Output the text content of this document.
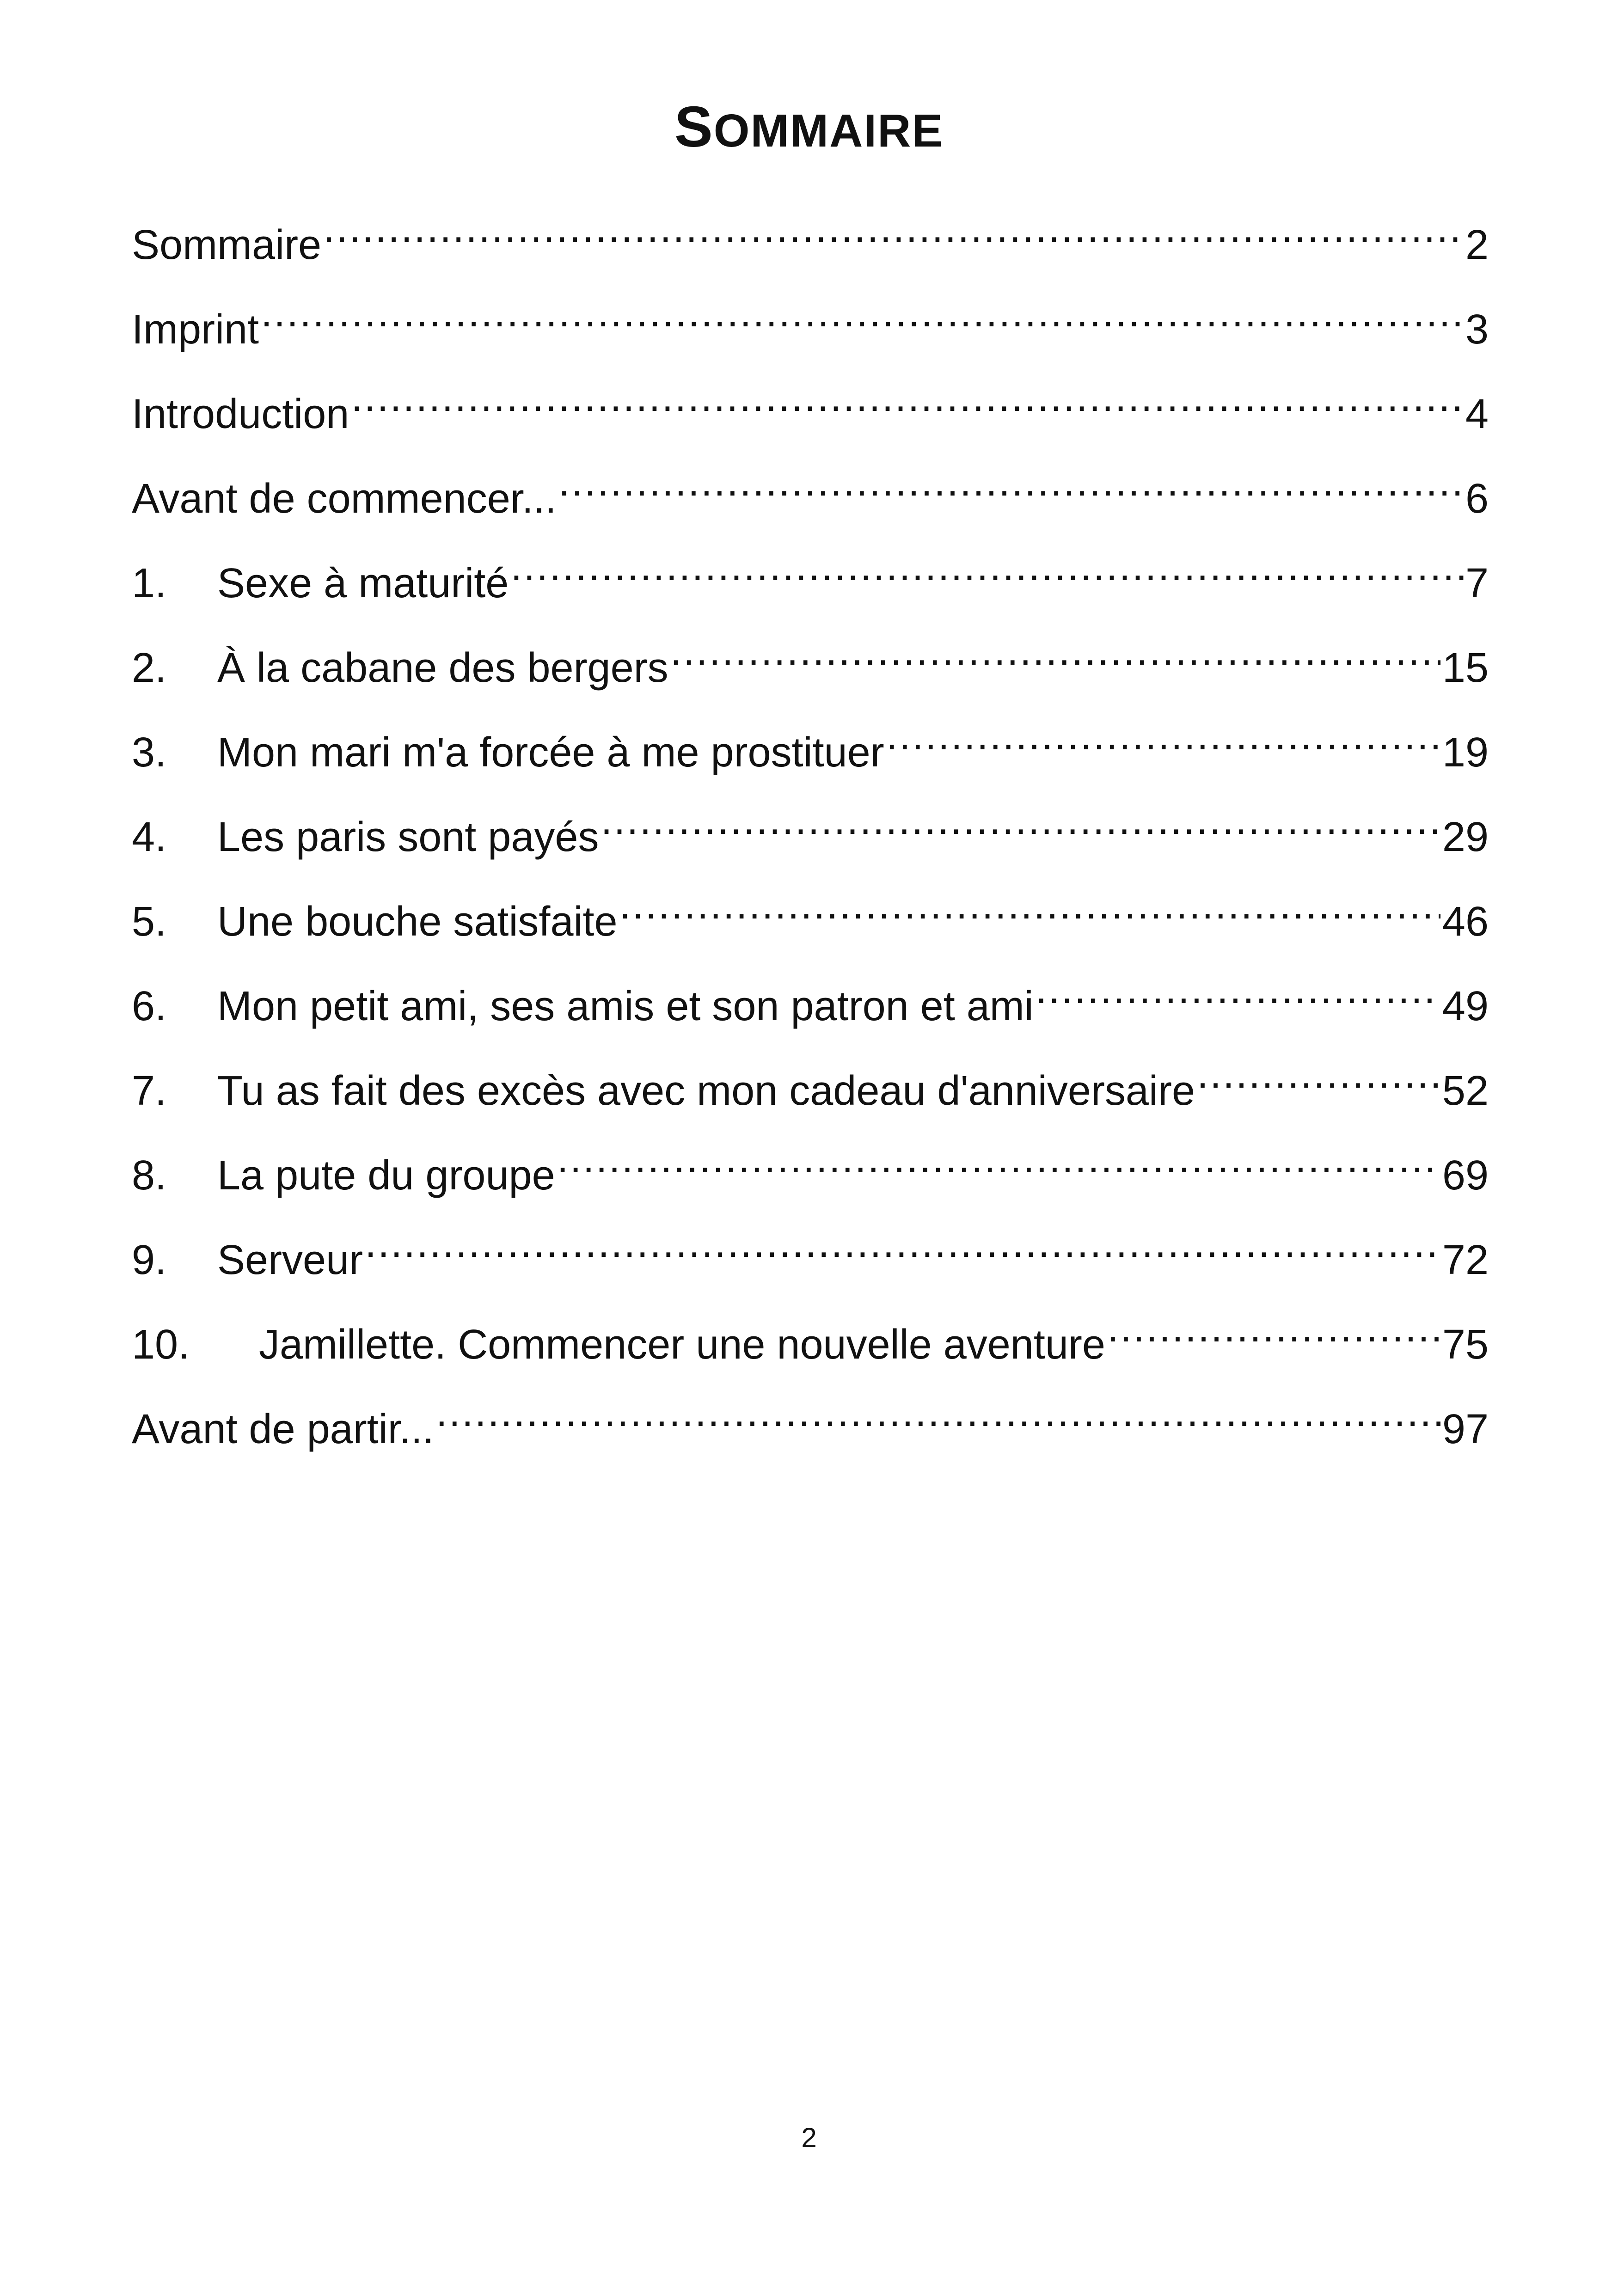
SOMMAIRE
Sommaire .....	2
Imprint .....	3
Introduction .....	4
Avant de commencer... .....	6
1.	Sexe à maturité .....	7
2.	À la cabane des bergers .....	15
3.	Mon mari m'a forcée à me prostituer .....	19
4.	Les paris sont payés .....	29
5.	Une bouche satisfaite .....	46
6.	Mon petit ami, ses amis et son patron et ami .....	49
7.	Tu as fait des excès avec mon cadeau d'anniversaire .....	52
8.	La pute du groupe .....	69
9.	Serveur .....	72
10.	Jamillette. Commencer une nouvelle aventure .....	75
Avant de partir... .....	97
2
